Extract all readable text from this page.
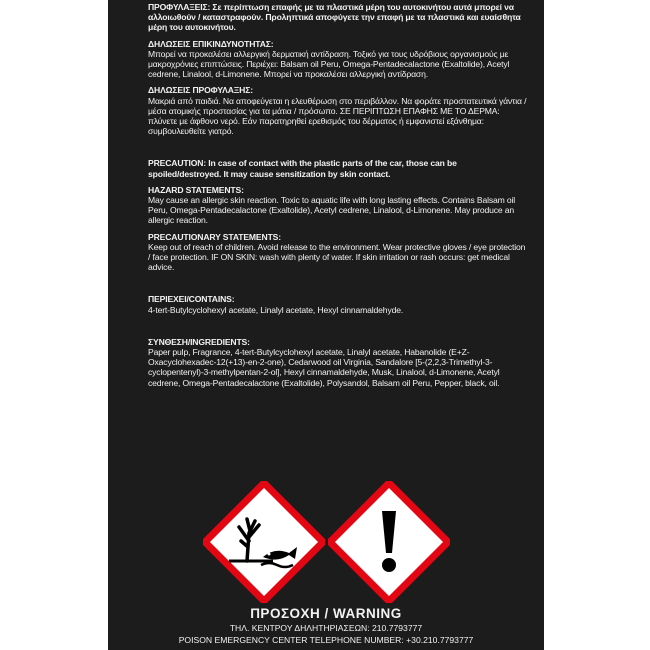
ΠΡΟΦΥΛΑΞΕΙΣ: Σε περίπτωση επαφής με τα πλαστικά μέρη του αυτοκινήτου αυτά μπορεί να αλλοιωθούν / καταστραφούν. Προληπτικά αποφύγετε την επαφή με τα πλαστικά και ευαίσθητα μέρη του αυτοκινήτου.

ΔΗΛΩΣΕΙΣ ΕΠΙΚΙΝΔΥΝΟΤΗΤΑΣ:

Μπορεί να προκαλέσει αλλεργική δερματική αντίδραση. Τοξικό για τους υδρόβιους οργανισμούς με μακροχρόνιες επιπτώσεις. Περιέχει: Balsam oil Peru, Omega-Pentadecalactone (Exaltolide), Acetyl cedrene, Linalool, d-Limonene. Μπορεί να προκαλέσει αλλεργική αντίδραση.

ΔΗΛΩΣΕΙΣ ΠΡΟΦΥΛΑΞΗΣ:

Μακριά από παιδιά. Να αποφεύγεται η ελευθέρωση στο περιβάλλον. Να φοράτε προστατευτικά γάντια / μέσα ατομικής προστασίας για τα μάτια / πρόσωπο. ΣΕ ΠΕΡΙΠΤΩΣΗ ΕΠΑΦΗΣ ΜΕ ΤΟ ΔΕΡΜΑ: πλύνετε με άφθονο νερό. Εάν παρατηρηθεί ερεθισμός του δέρματος ή εμφανιστεί εξάνθημα: συμβουλευθείτε γιατρό.

PRECAUTION: In case of contact with the plastic parts of the car, those can be spoiled/destroyed. It may cause sensitization by skin contact.

HAZARD STATEMENTS:

May cause an allergic skin reaction. Toxic to aquatic life with long lasting effects. Contains Balsam oil Peru, Omega-Pentadecalactone (Exaltolide), Acetyl cedrene, Linalool, d-Limonene. May produce an allergic reaction.

PRECAUTIONARY STATEMENTS:

Keep out of reach of children. Avoid release to the environment. Wear protective gloves / eye protection / face protection. IF ON SKIN: wash with plenty of water. If skin irritation or rash occurs: get medical advice.

ΠΕΡΙΕΧΕΙ/CONTAINS:

4-tert-Butylcyclohexyl acetate, Linalyl acetate, Hexyl cinnamaldehyde.

ΣΥΝΘΕΣΗ/INGREDIENTS:

Paper pulp, Fragrance, 4-tert-Butylcyclohexyl acetate, Linalyl acetate, Habanolide (E+Z-Oxacyclohexadec-12(+13)-en-2-one), Cedarwood oil Virginia, Sandalore [5-(2,2,3-Trimethyl-3-cyclopentenyl)-3-methylpentan-2-ol], Hexyl cinnamaldehyde, Musk, Linalool, d-Limonene, Acetyl cedrene, Omega-Pentadecalactone (Exaltolide), Polysandol, Balsam oil Peru, Pepper, black, oil.

ΠΡΟΣΟΧΗ / WARNING
ΤΗΛ. ΚΕΝΤΡΟΥ ΔΗΛΗΤΗΡΙΑΣΕΩΝ: 210.7793777
POISON EMERGENCY CENTER TELEPHONE NUMBER: +30.210.7793777
